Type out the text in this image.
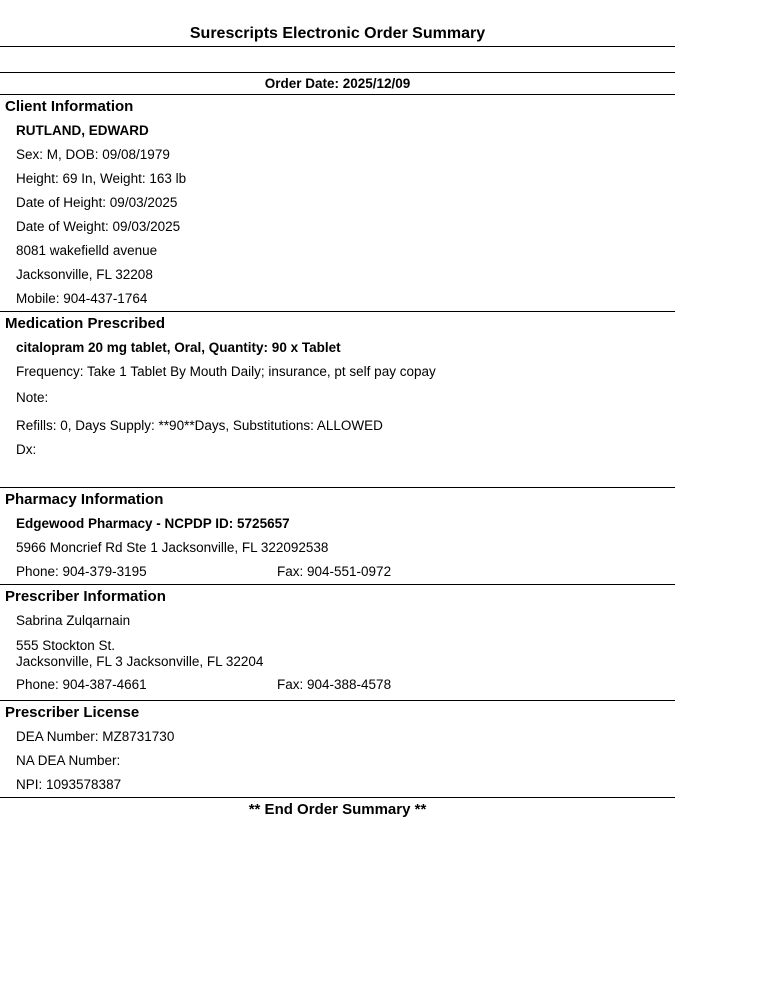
Surescripts Electronic Order Summary
Order Date: 2025/12/09
Client Information
RUTLAND, EDWARD
Sex: M, DOB: 09/08/1979
Height: 69 In, Weight: 163 lb
Date of Height: 09/03/2025
Date of Weight: 09/03/2025
8081 wakefielld avenue
Jacksonville, FL 32208
Mobile: 904-437-1764
Medication Prescribed
citalopram 20 mg tablet, Oral, Quantity: 90 x Tablet
Frequency: Take 1 Tablet By Mouth Daily; insurance, pt self pay copay
Note:
Refills: 0, Days Supply: **90**Days, Substitutions: ALLOWED
Dx:
Pharmacy Information
Edgewood Pharmacy - NCPDP ID: 5725657
5966 Moncrief Rd Ste 1 Jacksonville, FL 322092538
Phone: 904-379-3195	Fax: 904-551-0972
Prescriber Information
Sabrina Zulqarnain
555 Stockton St.
Jacksonville, FL 3 Jacksonville, FL 32204
Phone: 904-387-4661	Fax: 904-388-4578
Prescriber License
DEA Number: MZ8731730
NA DEA Number:
NPI: 1093578387
** End Order Summary **
